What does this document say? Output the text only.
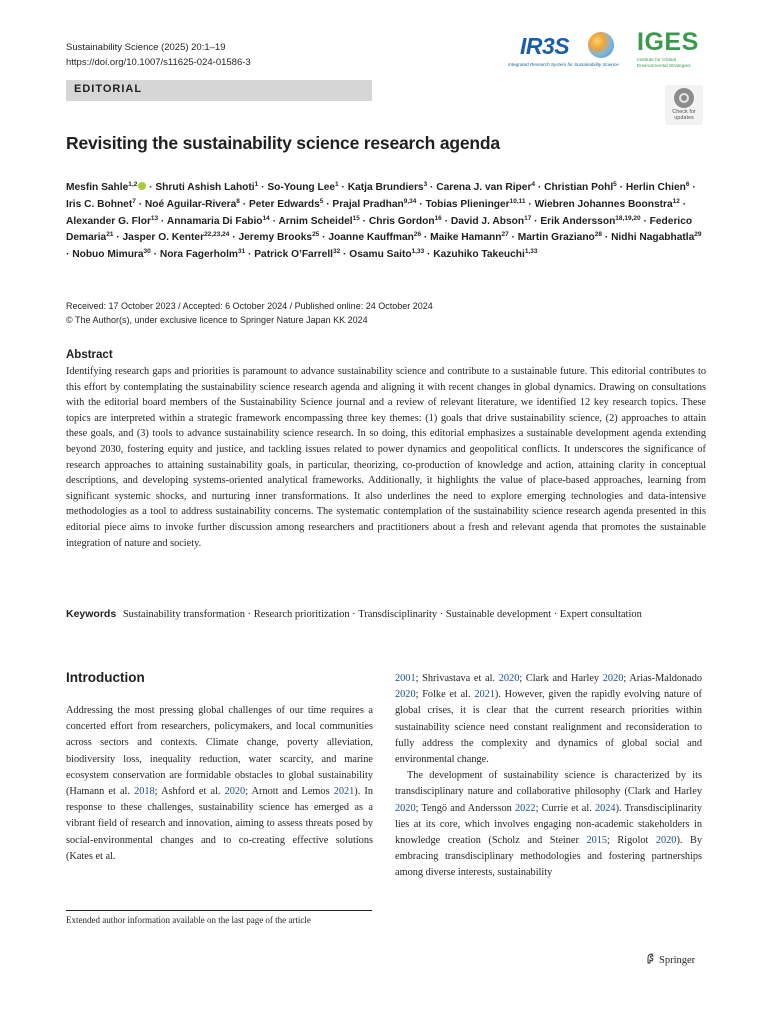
Sustainability Science (2025) 20:1–19
https://doi.org/10.1007/s11625-024-01586-3
EDITORIAL
IR3S
Integrated Research System for Sustainability Science
IGES
Institute for Global Environmental Strategies
Check for updates
Revisiting the sustainability science research agenda
Mesfin Sahle$^{1,2}$ · Shruti Ashish Lahoti$^1$ · So-Young Lee$^1$ · Katja Brundiers$^3$ · Carena J. van Riper$^4$ · Christian Pohl$^5$ · Herlin Chien$^6$ · Iris C. Bohnet$^7$ · Noé Aguilar-Rivera$^8$ · Peter Edwards$^5$ · Prajal Pradhan$^{9,34}$ · Tobias Plieninger$^{10,11}$ · Wiebren Johannes Boonstra$^{12}$ · Alexander G. Flor$^{13}$ · Annamaria Di Fabio$^{14}$ · Arnim Scheidel$^{15}$ · Chris Gordon$^{16}$ · David J. Abson$^{17}$ · Erik Andersson$^{18,19,20}$ · Federico Demaria$^{21}$ · Jasper O. Kenter$^{22,23,24}$ · Jeremy Brooks$^{25}$ · Joanne Kauffman$^{26}$ · Maike Hamann$^{27}$ · Martin Graziano$^{28}$ · Nidhi Nagabhatla$^{29}$ · Nobuo Mimura$^{30}$ · Nora Fagerholm$^{31}$ · Patrick O’Farrell$^{32}$ · Osamu Saito$^{1,33}$ · Kazuhiko Takeuchi$^{1,33}$
Received: 17 October 2023 / Accepted: 6 October 2024 / Published online: 24 October 2024
© The Author(s), under exclusive licence to Springer Nature Japan KK 2024
Abstract
Identifying research gaps and priorities is paramount to advance sustainability science and contribute to a sustainable future. This editorial contributes to this effort by contemplating the sustainability science research agenda and aligning it with recent changes in global dynamics. Drawing on consultations with the editorial board members of the Sustainability Science journal and a review of relevant literature, we identified 12 key research topics. These topics are interpreted within a strategic framework encompassing three key themes: (1) goals that drive sustainability science, (2) approaches to attain these goals, and (3) tools to advance sustainability science research. In so doing, this editorial emphasizes a sustainable development agenda extending beyond 2030, fostering equity and justice, and tackling issues related to power dynamics and geopolitical conflicts. It underscores the significance of research approaches to attaining sustainability goals, in particular, theorizing, co-production of knowledge and action, attaining clarity in conceptual descriptions, and developing systems-oriented analytical frameworks. Additionally, it highlights the value of place-based approaches, learning from significant systemic shocks, and nurturing inner transformations. It also underlines the need to explore emerging technologies and data-intensive methodologies as a tool to address sustainability concerns. The systematic contemplation of the sustainability science research agenda presented in this editorial piece aims to invoke further discussion among researchers and practitioners about a fresh and relevant agenda that promotes the sustainable integration of nature and society.
Keywords Sustainability transformation · Research prioritization · Transdisciplinarity · Sustainable development · Expert consultation
Introduction

Addressing the most pressing global challenges of our time requires a concerted effort from researchers, policymakers, and local communities across sectors and contexts. Climate change, poverty alleviation, biodiversity loss, inequality reduction, water scarcity, and marine ecosystem conservation are formidable obstacles to global sustainability (Hamann et al. 2018; Ashford et al. 2020; Arnott and Lemos 2021). In response to these challenges, sustainability science has emerged as a vibrant field of research and innovation, aiming to assess threats posed by social-environmental changes and to co-creating effective solutions (Kates et al.

2001; Shrivastava et al. 2020; Clark and Harley 2020; Arias-Maldonado 2020; Folke et al. 2021). However, given the rapidly evolving nature of global crises, it is clear that the current research priorities within sustainability science need constant realignment and reconsideration to fully address the complexity and dynamics of global social and environmental change.

The development of sustainability science is characterized by its transdisciplinary nature and collaborative philosophy (Clark and Harley 2020; Tengö and Andersson 2022; Currie et al. 2024). Transdisciplinarity lies at its core, which involves engaging non-academic stakeholders in knowledge creation (Scholz and Steiner 2015; Rigolot 2020). By embracing transdisciplinary methodologies and fostering partnerships among diverse interests, sustainability

Extended author information available on the last page of the article
Springer
